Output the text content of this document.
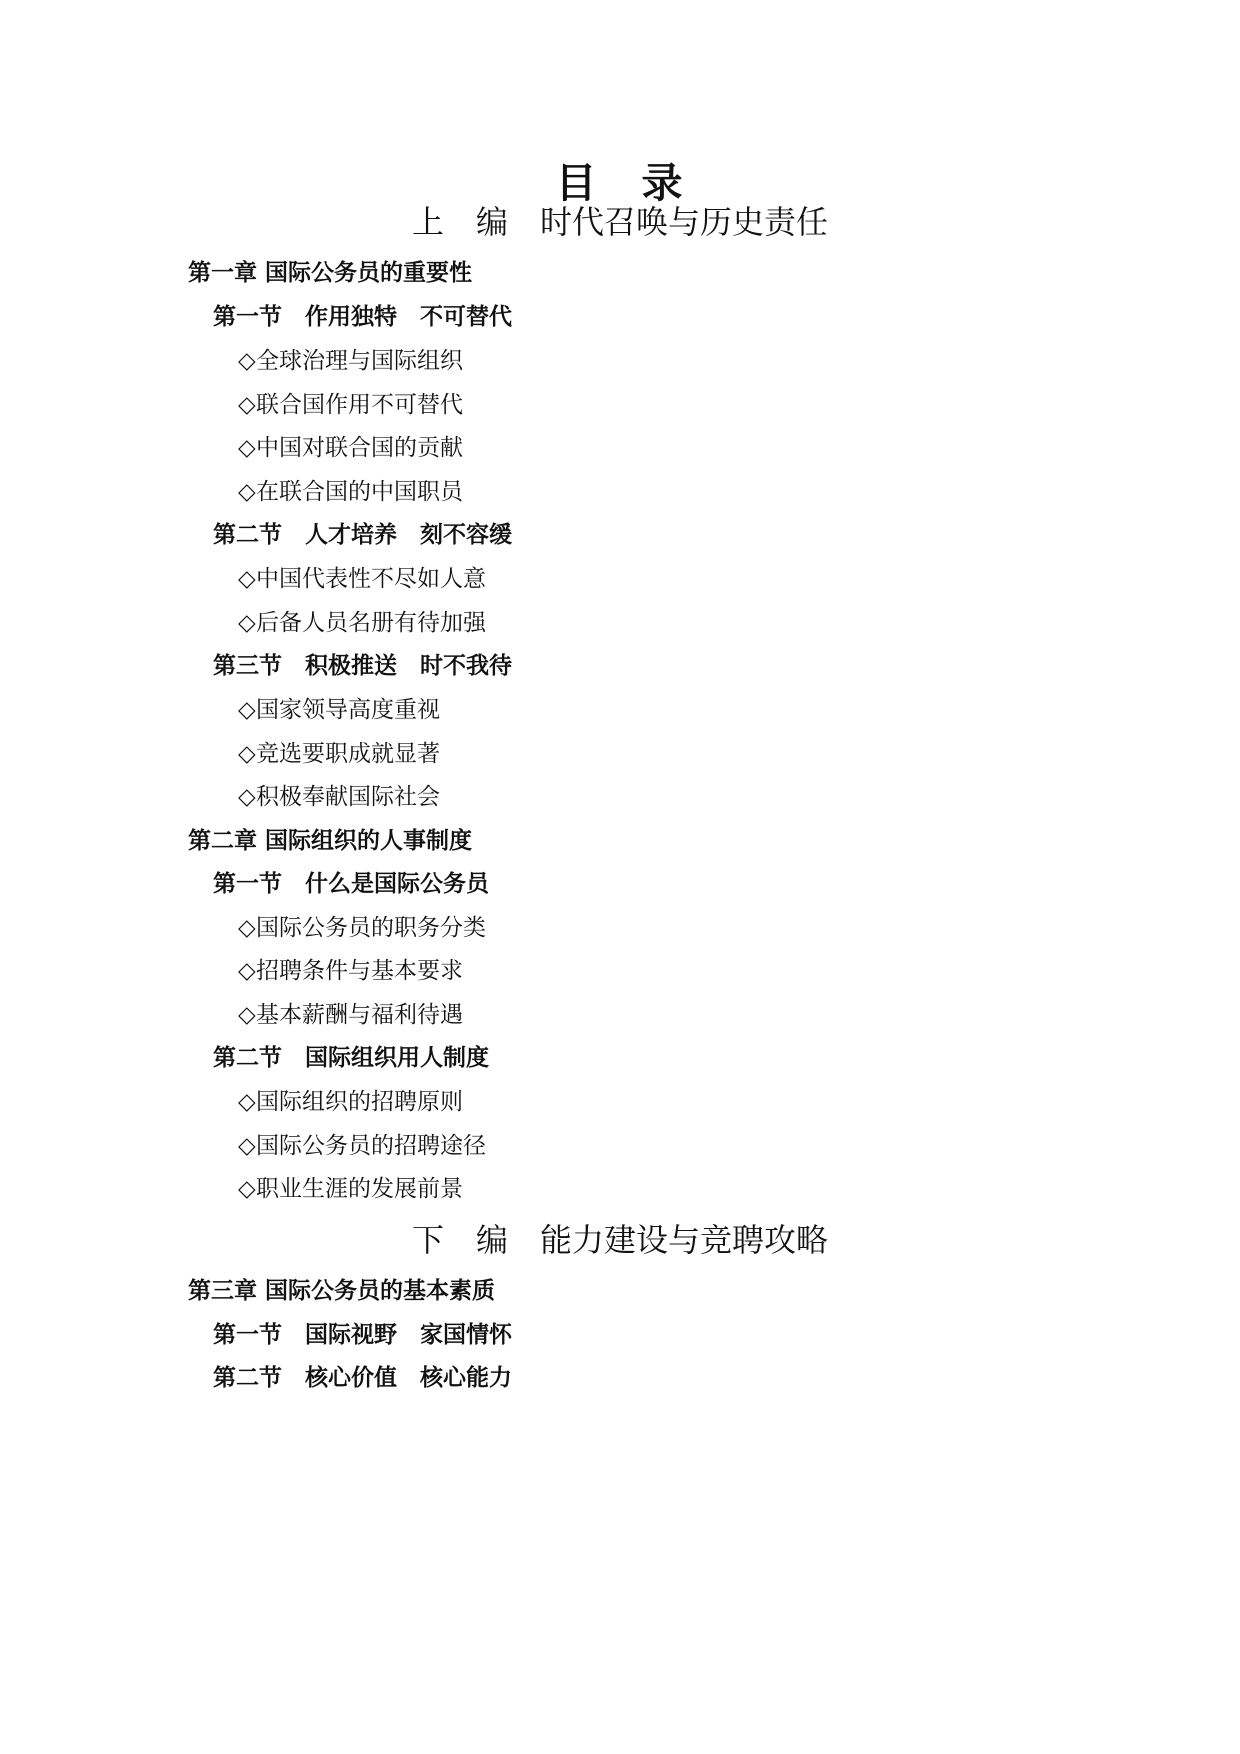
目　录
上　编　时代召唤与历史责任
第一章 国际公务员的重要性
第一节　作用独特　不可替代
◇全球治理与国际组织
◇联合国作用不可替代
◇中国对联合国的贡献
◇在联合国的中国职员
第二节　人才培养　刻不容缓
◇中国代表性不尽如人意
◇后备人员名册有待加强
第三节　积极推送　时不我待
◇国家领导高度重视
◇竞选要职成就显著
◇积极奉献国际社会
第二章 国际组织的人事制度
第一节　什么是国际公务员
◇国际公务员的职务分类
◇招聘条件与基本要求
◇基本薪酬与福利待遇
第二节　国际组织用人制度
◇国际组织的招聘原则
◇国际公务员的招聘途径
◇职业生涯的发展前景
下　编　能力建设与竞聘攻略
第三章 国际公务员的基本素质
第一节　国际视野　家国情怀
第二节　核心价值　核心能力
